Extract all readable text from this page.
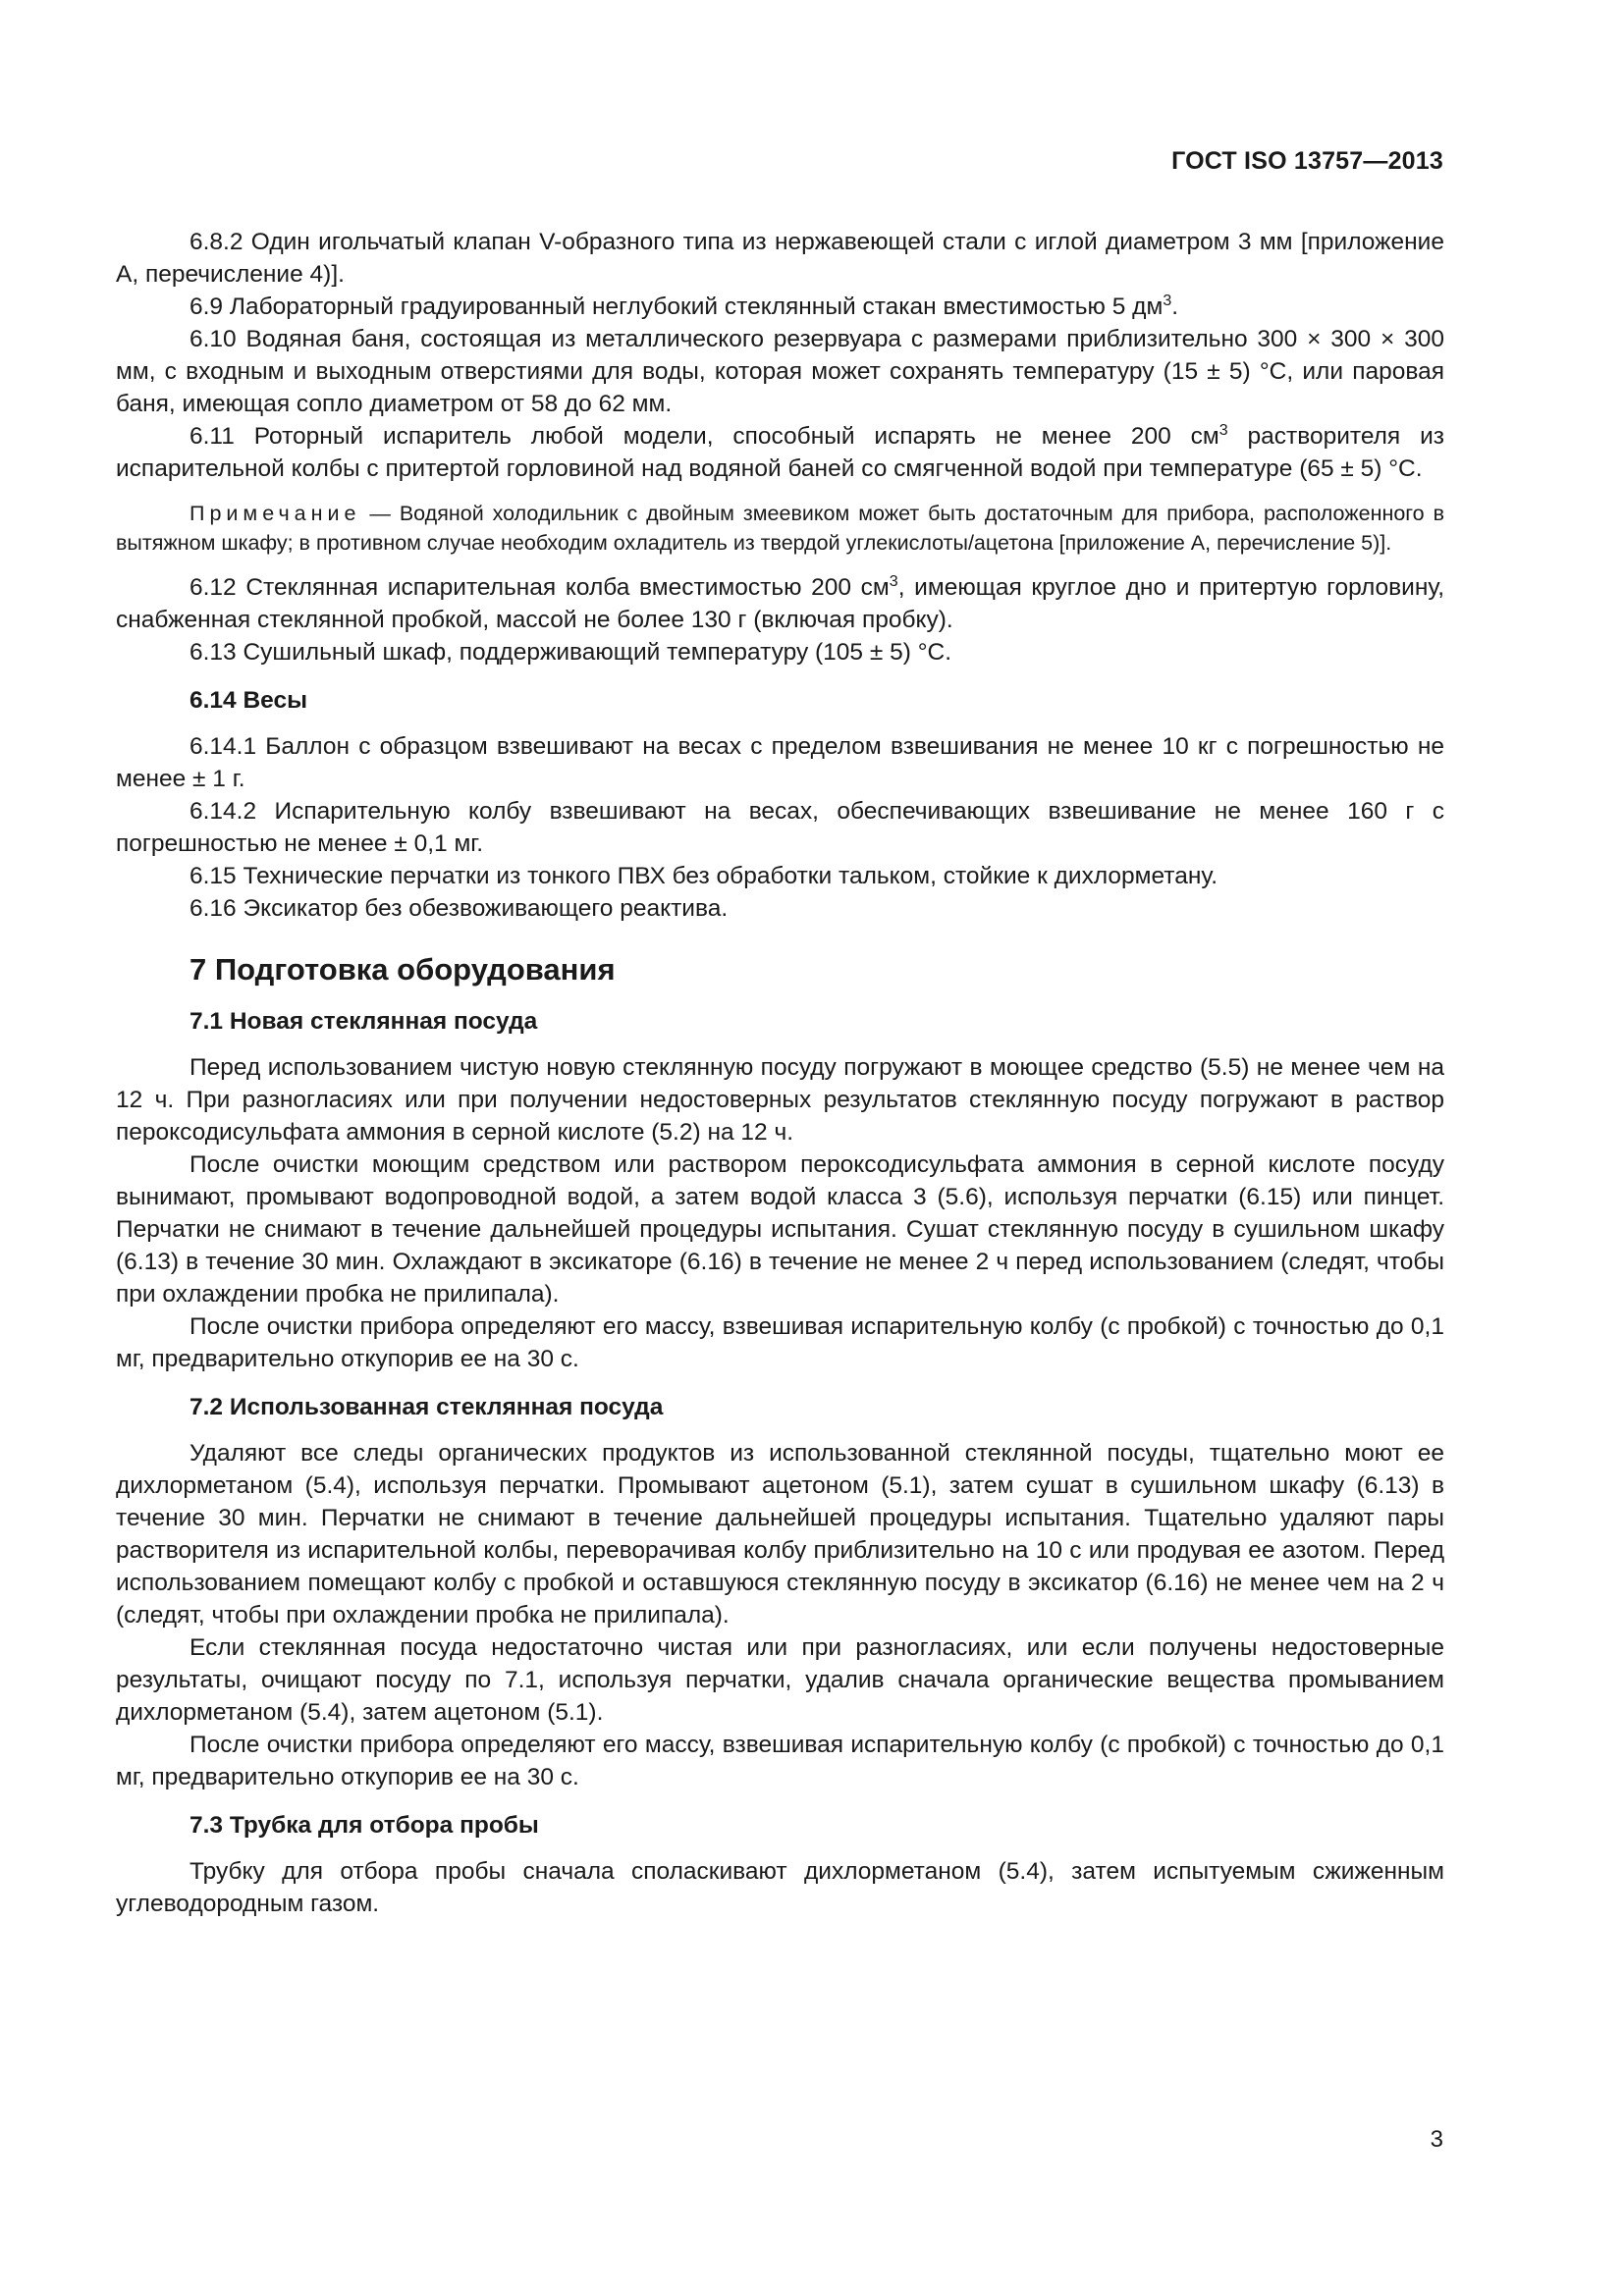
ГОСТ ISO 13757—2013

6.8.2 Один игольчатый клапан V-образного типа из нержавеющей стали с иглой диаметром 3 мм [приложение А, перечисление 4)].

6.9 Лабораторный градуированный неглубокий стеклянный стакан вместимостью 5 $дм^3$.

6.10 Водяная баня, состоящая из металлического резервуара с размерами приблизительно 300 × 300 × 300 мм, с входным и выходным отверстиями для воды, которая может сохранять температуру (15 ± 5) °С, или паровая баня, имеющая сопло диаметром от 58 до 62 мм.

6.11 Роторный испаритель любой модели, способный испарять не менее 200 $см^3$ растворителя из испарительной колбы с притертой горловиной над водяной баней со смягченной водой при температуре (65 ± 5) °С.

Примечание — Водяной холодильник с двойным змеевиком может быть достаточным для прибора, расположенного в вытяжном шкафу; в противном случае необходим охладитель из твердой углекислоты/ацетона [приложение А, перечисление 5)].

6.12 Стеклянная испарительная колба вместимостью 200 $см^3$, имеющая круглое дно и притертую горловину, снабженная стеклянной пробкой, массой не более 130 г (включая пробку).

6.13 Сушильный шкаф, поддерживающий температуру (105 ± 5) °С.

6.14 Весы

6.14.1 Баллон с образцом взвешивают на весах с пределом взвешивания не менее 10 кг с погрешностью не менее ± 1 г.

6.14.2 Испарительную колбу взвешивают на весах, обеспечивающих взвешивание не менее 160 г с погрешностью не менее ± 0,1 мг.

6.15 Технические перчатки из тонкого ПВХ без обработки тальком, стойкие к дихлорметану.

6.16 Эксикатор без обезвоживающего реактива.

7 Подготовка оборудования
7.1 Новая стеклянная посуда

Перед использованием чистую новую стеклянную посуду погружают в моющее средство (5.5) не менее чем на 12 ч. При разногласиях или при получении недостоверных результатов стеклянную посуду погружают в раствор пероксодисульфата аммония в серной кислоте (5.2) на 12 ч.

После очистки моющим средством или раствором пероксодисульфата аммония в серной кислоте посуду вынимают, промывают водопроводной водой, а затем водой класса 3 (5.6), используя перчатки (6.15) или пинцет. Перчатки не снимают в течение дальнейшей процедуры испытания. Сушат стеклянную посуду в сушильном шкафу (6.13) в течение 30 мин. Охлаждают в эксикаторе (6.16) в течение не менее 2 ч перед использованием (следят, чтобы при охлаждении пробка не прилипала).

После очистки прибора определяют его массу, взвешивая испарительную колбу (с пробкой) с точностью до 0,1 мг, предварительно откупорив ее на 30 с.

7.2 Использованная стеклянная посуда

Удаляют все следы органических продуктов из использованной стеклянной посуды, тщательно моют ее дихлорметаном (5.4), используя перчатки. Промывают ацетоном (5.1), затем сушат в сушильном шкафу (6.13) в течение 30 мин. Перчатки не снимают в течение дальнейшей процедуры испытания. Тщательно удаляют пары растворителя из испарительной колбы, переворачивая колбу приблизительно на 10 с или продувая ее азотом. Перед использованием помещают колбу с пробкой и оставшуюся стеклянную посуду в эксикатор (6.16) не менее чем на 2 ч (следят, чтобы при охлаждении пробка не прилипала).

Если стеклянная посуда недостаточно чистая или при разногласиях, или если получены недостоверные результаты, очищают посуду по 7.1, используя перчатки, удалив сначала органические вещества промыванием дихлорметаном (5.4), затем ацетоном (5.1).

После очистки прибора определяют его массу, взвешивая испарительную колбу (с пробкой) с точностью до 0,1 мг, предварительно откупорив ее на 30 с.

7.3 Трубка для отбора пробы

Трубку для отбора пробы сначала споласкивают дихлорметаном (5.4), затем испытуемым сжиженным углеводородным газом.

3
